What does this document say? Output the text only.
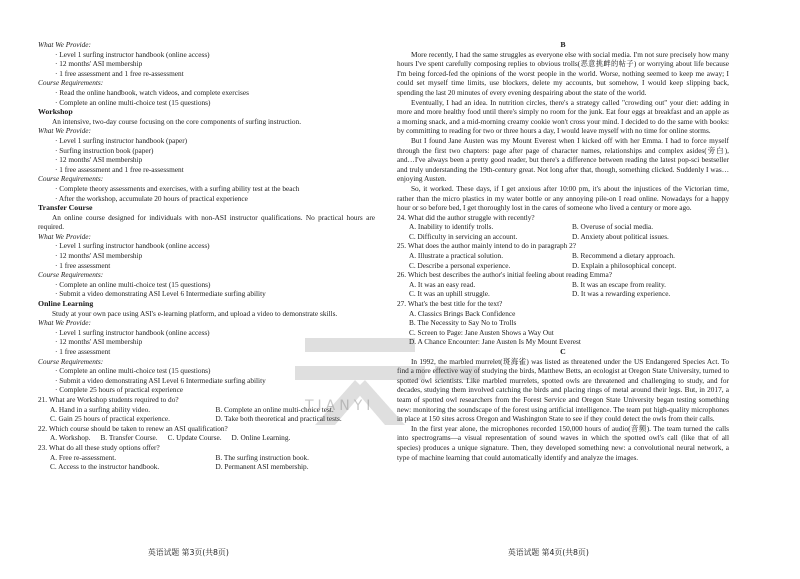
What We Provide:

· Level 1 surfing instructor handbook (online access)

· 12 months' ASI membership

· 1 free assessment and 1 free re-assessment

Course Requirements:

· Read the online handbook, watch videos, and complete exercises

· Complete an online multi-choice test (15 questions)

Workshop

An intensive, two-day course focusing on the core components of surfing instruction.

What We Provide:

· Level 1 surfing instructor handbook (paper)

· Surfing instruction book (paper)

· 12 months' ASI membership

· 1 free assessment and 1 free re-assessment

Course Requirements:

· Complete theory assessments and exercises, with a surfing ability test at the beach

· After the workshop, accumulate 20 hours of practical experience

Transfer Course

An online course designed for individuals with non-ASI instructor qualifications. No practical hours are required.

What We Provide:

· Level 1 surfing instructor handbook (online access)

· 12 months' ASI membership

· 1 free assessment

Course Requirements:

· Complete an online multi-choice test (15 questions)

· Submit a video demonstrating ASI Level 6 Intermediate surfing ability

Online Learning

Study at your own pace using ASI's e-learning platform, and upload a video to demonstrate skills.

What We Provide:

· Level 1 surfing instructor handbook (online access)

· 12 months' ASI membership

· 1 free assessment

Course Requirements:

· Complete an online multi-choice test (15 questions)

· Submit a video demonstrating ASI Level 6 Intermediate surfing ability

· Complete 25 hours of practical experience

21. What are Workshop students required to do?

A. Hand in a surfing ability video.	B. Complete an online multi-choice test.
C. Gain 25 hours of practical experience.	D. Take both theoretical and practical tests.

22. Which course should be taken to renew an ASI qualification?

A. Workshop. B. Transfer Course. C. Update Course. D. Online Learning.

23. What do all these study options offer?

A. Free re-assessment.	B. The surfing instruction book.
C. Access to the instructor handbook.	D. Permanent ASI membership.

B

More recently, I had the same struggles as everyone else with social media. I'm not sure precisely how many hours I've spent carefully composing replies to obvious trolls(恶意挑衅的帖子) or worrying about life because I'm being forced-fed the opinions of the worst people in the world. Worse, nothing seemed to keep me away; I could set myself time limits, use blockers, delete my accounts, but somehow, I would keep slipping back, spending the last 20 minutes of every evening despairing about the state of the world.

Eventually, I had an idea. In nutrition circles, there's a strategy called "crowding out" your diet: adding in more and more healthy food until there's simply no room for the junk. Eat four eggs at breakfast and an apple as a morning snack, and a mid-morning creamy cookie won't cross your mind. I decided to do the same with books: by committing to reading for two or three hours a day, I would leave myself with no time for online storms.

But I found Jane Austen was my Mount Everest when I kicked off with her Emma. I had to force myself through the first two chapters: page after page of character names, relationships and complex asides(旁白), and…I've always been a pretty good reader, but there's a difference between reading the latest pop-sci bestseller and truly understanding the 19th-century great. Not long after that, though, something clicked. Suddenly I was…enjoying Austen.

So, it worked. These days, if I get anxious after 10:00 pm, it's about the injustices of the Victorian time, rather than the micro plastics in my water bottle or any annoying pile-on I read online. Nowadays for a happy hour or so before bed, I get thoroughly lost in the cares of someone who lived a century or more ago.

24. What did the author struggle with recently?

A. Inability to identify trolls.	B. Overuse of social media.
C. Difficulty in servicing an account.	D. Anxiety about political issues.

25. What does the author mainly intend to do in paragraph 2?

A. Illustrate a practical solution.	B. Recommend a dietary approach.
C. Describe a personal experience.	D. Explain a philosophical concept.

26. Which best describes the author's initial feeling about reading Emma?

A. It was an easy read.	B. It was an escape from reality.
C. It was an uphill struggle.	D. It was a rewarding experience.

27. What's the best title for the text?

A. Classics Brings Back Confidence
B. The Necessity to Say No to Trolls
C. Screen to Page: Jane Austen Shows a Way Out
D. A Chance Encounter: Jane Austen Is My Mount Everest

C

In 1992, the marbled murrelet(斑海雀) was listed as threatened under the US Endangered Species Act. To find a more effective way of studying the birds, Matthew Betts, an ecologist at Oregon State University, turned to spotted owl scientists. Like marbled murrelets, spotted owls are threatened and challenging to study, and for decades, studying them involved catching the birds and placing rings of metal around their legs. But, in 2017, a team of spotted owl researchers from the Forest Service and Oregon State University began testing something new: monitoring the soundscape of the forest using artificial intelligence. The team put high-quality microphones in place at 150 sites across Oregon and Washington State to see if they could detect the owls from their calls.

In the first year alone, the microphones recorded 150,000 hours of audio(音频). The team turned the calls into spectrograms—a visual representation of sound waves in which the spotted owl's call (like that of all species) produces a unique signature. Then, they developed something new: a convolutional neural network, a type of machine learning that could automatically identify and analyze the images.

TIANYI
英语试题 第3页(共8页)	英语试题 第4页(共8页)
